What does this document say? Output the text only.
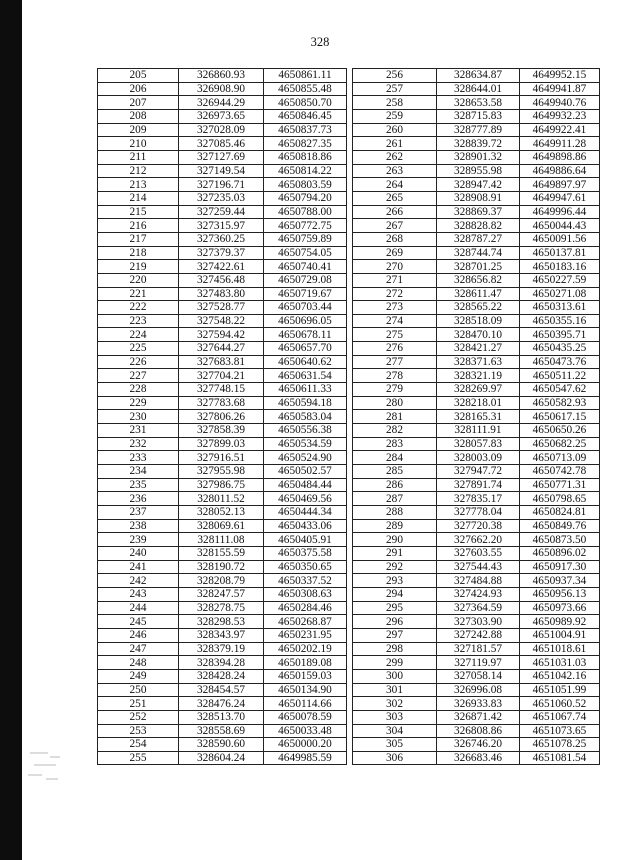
328
205	326860.93	4650861.11
206	326908.90	4650855.48
207	326944.29	4650850.70
208	326973.65	4650846.45
209	327028.09	4650837.73
210	327085.46	4650827.35
211	327127.69	4650818.86
212	327149.54	4650814.22
213	327196.71	4650803.59
214	327235.03	4650794.20
215	327259.44	4650788.00
216	327315.97	4650772.75
217	327360.25	4650759.89
218	327379.37	4650754.05
219	327422.61	4650740.41
220	327456.48	4650729.08
221	327483.80	4650719.67
222	327528.77	4650703.44
223	327548.22	4650696.05
224	327594.42	4650678.11
225	327644.27	4650657.70
226	327683.81	4650640.62
227	327704.21	4650631.54
228	327748.15	4650611.33
229	327783.68	4650594.18
230	327806.26	4650583.04
231	327858.39	4650556.38
232	327899.03	4650534.59
233	327916.51	4650524.90
234	327955.98	4650502.57
235	327986.75	4650484.44
236	328011.52	4650469.56
237	328052.13	4650444.34
238	328069.61	4650433.06
239	328111.08	4650405.91
240	328155.59	4650375.58
241	328190.72	4650350.65
242	328208.79	4650337.52
243	328247.57	4650308.63
244	328278.75	4650284.46
245	328298.53	4650268.87
246	328343.97	4650231.95
247	328379.19	4650202.19
248	328394.28	4650189.08
249	328428.24	4650159.03
250	328454.57	4650134.90
251	328476.24	4650114.66
252	328513.70	4650078.59
253	328558.69	4650033.48
254	328590.60	4650000.20
255	328604.24	4649985.59
256	328634.87	4649952.15
257	328644.01	4649941.87
258	328653.58	4649940.76
259	328715.83	4649932.23
260	328777.89	4649922.41
261	328839.72	4649911.28
262	328901.32	4649898.86
263	328955.98	4649886.64
264	328947.42	4649897.97
265	328908.91	4649947.61
266	328869.37	4649996.44
267	328828.82	4650044.43
268	328787.27	4650091.56
269	328744.74	4650137.81
270	328701.25	4650183.16
271	328656.82	4650227.59
272	328611.47	4650271.08
273	328565.22	4650313.61
274	328518.09	4650355.16
275	328470.10	4650395.71
276	328421.27	4650435.25
277	328371.63	4650473.76
278	328321.19	4650511.22
279	328269.97	4650547.62
280	328218.01	4650582.93
281	328165.31	4650617.15
282	328111.91	4650650.26
283	328057.83	4650682.25
284	328003.09	4650713.09
285	327947.72	4650742.78
286	327891.74	4650771.31
287	327835.17	4650798.65
288	327778.04	4650824.81
289	327720.38	4650849.76
290	327662.20	4650873.50
291	327603.55	4650896.02
292	327544.43	4650917.30
293	327484.88	4650937.34
294	327424.93	4650956.13
295	327364.59	4650973.66
296	327303.90	4650989.92
297	327242.88	4651004.91
298	327181.57	4651018.61
299	327119.97	4651031.03
300	327058.14	4651042.16
301	326996.08	4651051.99
302	326933.83	4651060.52
303	326871.42	4651067.74
304	326808.86	4651073.65
305	326746.20	4651078.25
306	326683.46	4651081.54
